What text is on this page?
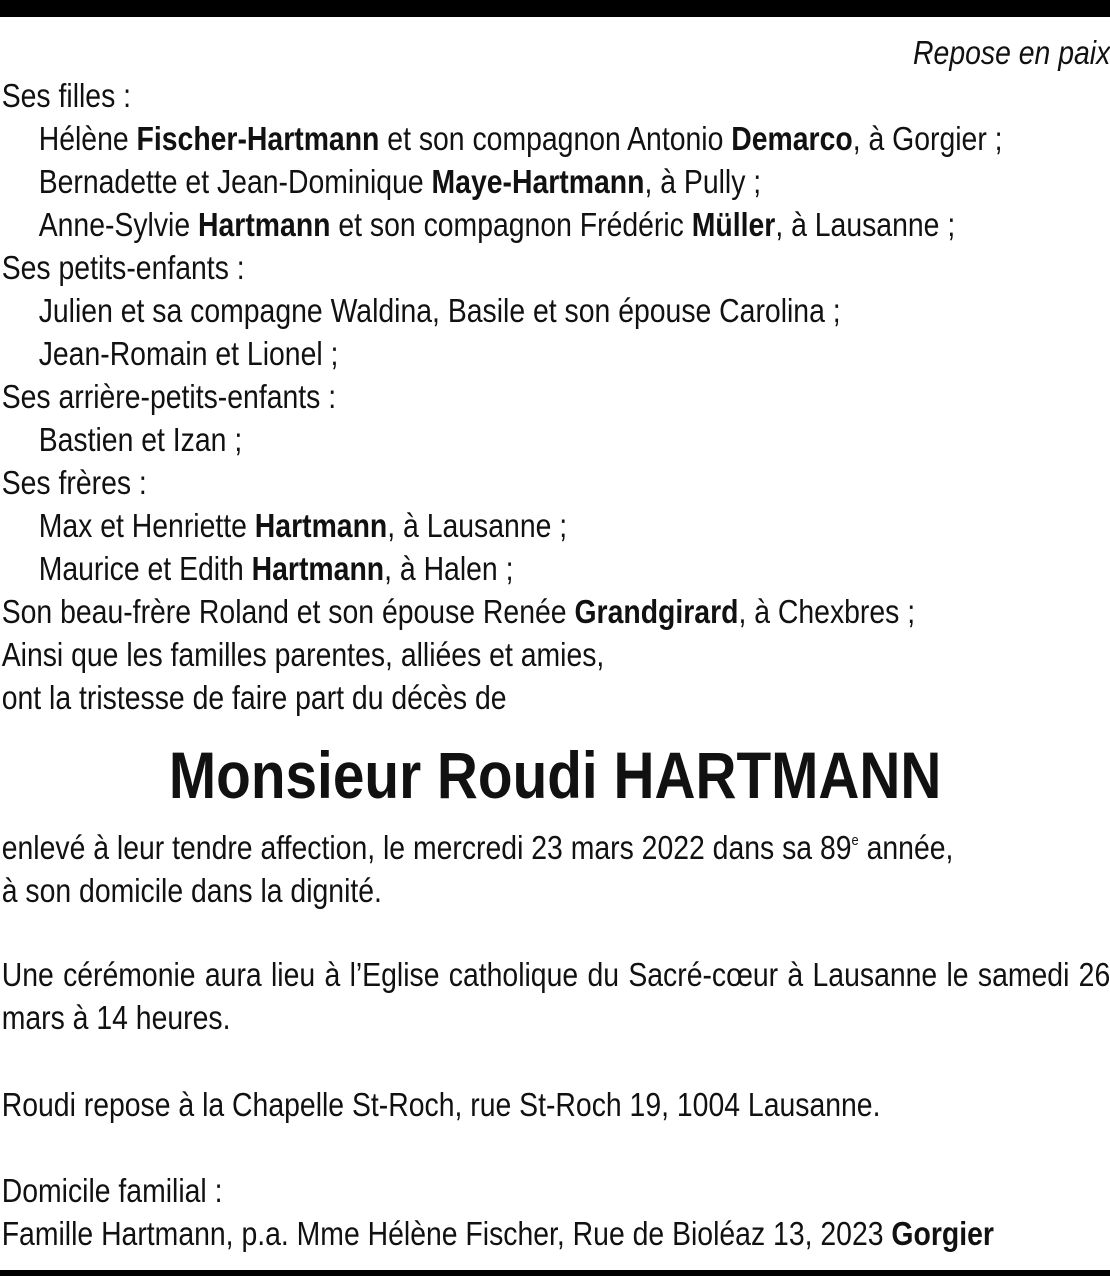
Repose en paix
Monsieur Roudi HARTMANN
Une cérémonie aura lieu à l’Eglise catholique du Sacré-cœur à Lausanne le samedi 26 mars à 14 heures.
Ses filles :
Hélène Fischer-Hartmann et son compagnon Antonio Demarco, à Gorgier ;
Bernadette et Jean-Dominique Maye-Hartmann, à Pully ;
Anne-Sylvie Hartmann et son compagnon Frédéric Müller, à Lausanne ;
Ses petits-enfants :
Julien et sa compagne Waldina, Basile et son épouse Carolina ;
Jean-Romain et Lionel ;
Ses arrière-petits-enfants :
Bastien et Izan ;
Ses frères :
Max et Henriette Hartmann, à Lausanne ;
Maurice et Edith Hartmann, à Halen ;
Son beau-frère Roland et son épouse Renée Grandgirard, à Chexbres ;
Ainsi que les familles parentes, alliées et amies,
ont la tristesse de faire part du décès de
enlevé à leur tendre affection, le mercredi 23 mars 2022 dans sa 89e année,
à son domicile dans la dignité.
Roudi repose à la Chapelle St-Roch, rue St-Roch 19, 1004 Lausanne.
Domicile familial :
Famille Hartmann, p.a. Mme Hélène Fischer, Rue de Bioléaz 13, 2023 Gorgier
